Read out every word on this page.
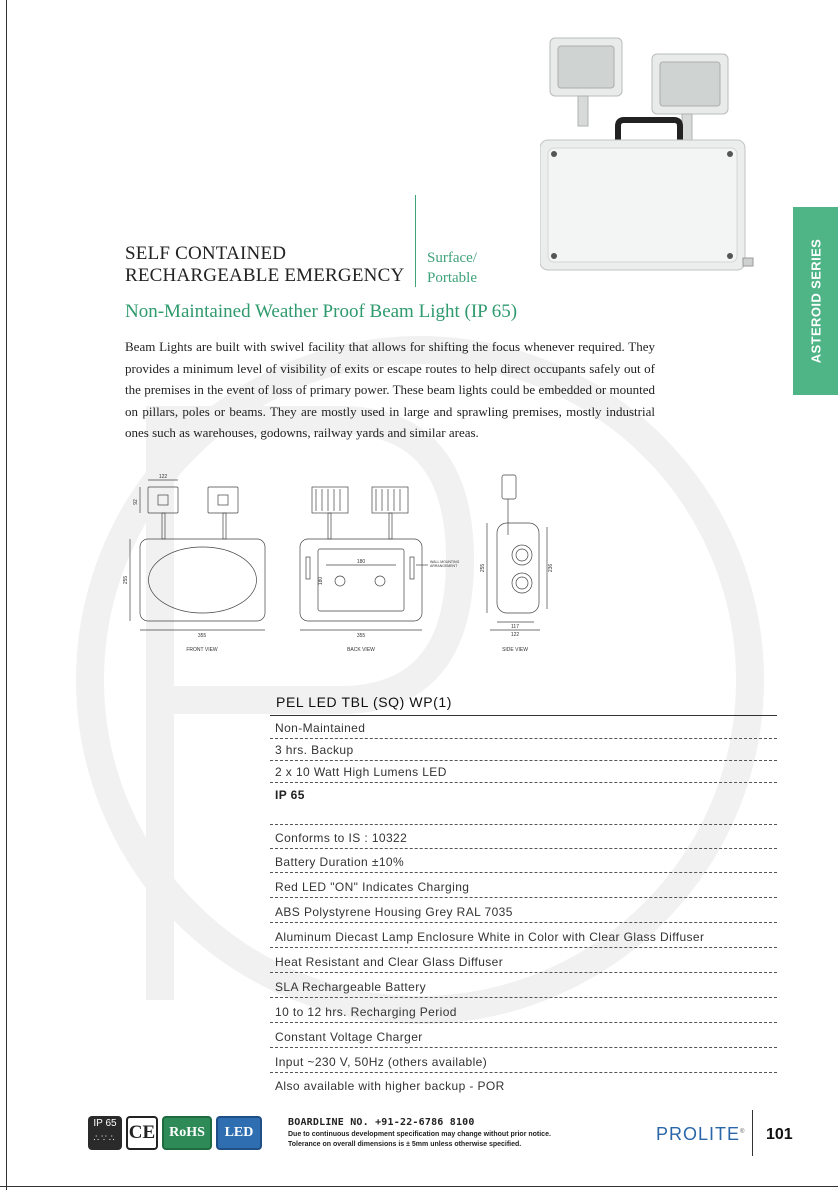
SELF CONTAINED
RECHARGEABLE EMERGENCY
Surface/
Portable
Non-Maintained Weather Proof Beam Light (IP 65)	ASTEROID SERIES
Beam Lights are built with swivel facility that allows for shifting the focus whenever required. They provides a minimum level of visibility of exits or escape routes to help direct occupants safely out of the premises in the event of loss of primary power. These beam lights could be embedded or mounted on pillars, poles or beams. They are mostly used in large and sprawling premises, mostly industrial ones such as warehouses, godowns, railway yards and similar areas.
122
92
255
355
FRONT VIEW
180
180
355
BACK VIEW
WALL MOUNTING
ARRANGEMENT	255	236
117
122
SIDE VIEW
PEL LED TBL (SQ) WP(1)
Non-Maintained
3 hrs. Backup
2 x 10 Watt High Lumens LED
IP 65
Conforms to IS : 10322
Battery Duration ±10%
Red LED "ON" Indicates Charging
ABS Polystyrene Housing Grey RAL 7035
Aluminum Diecast Lamp Enclosure White in Color with Clear Glass Diffuser
Heat Resistant and Clear Glass Diffuser
SLA Rechargeable Battery
10 to 12 hrs. Recharging Period
Constant Voltage Charger
Input ~230 V, 50Hz (others available)
Also available with higher backup - POR
IP 65
∴∵∴ CE RoHS	LED
BOARDLINE NO. +91-22-6786 8100
Due to continuous development specification may change without prior notice.
Tolerance on overall dimensions is ± 5mm unless otherwise specified.
PROLITE® 101
